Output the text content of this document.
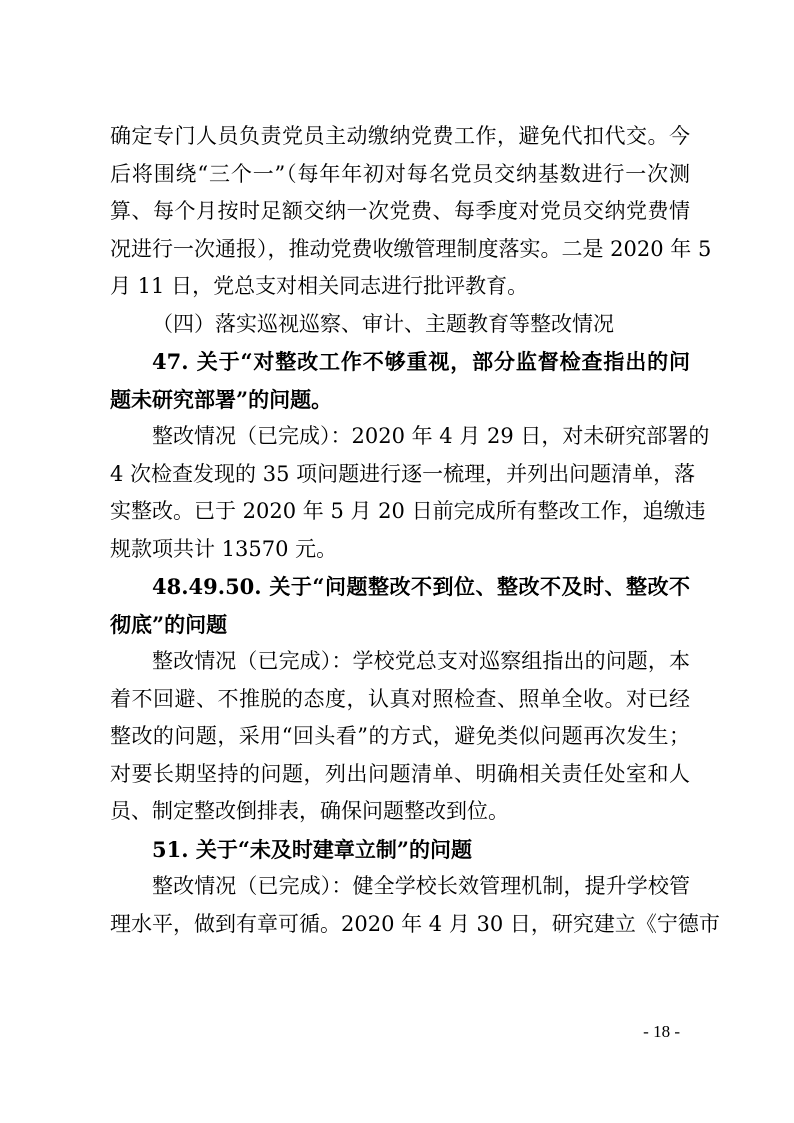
确定专门人员负责党员主动缴纳党费工作，避免代扣代交。今
后将围绕“三个一”（每年年初对每名党员交纳基数进行一次测
算、每个月按时足额交纳一次党费、每季度对党员交纳党费情
况进行一次通报），推动党费收缴管理制度落实。二是 2020 年 5
月 11 日，党总支对相关同志进行批评教育。
（四）落实巡视巡察、审计、主题教育等整改情况
47. 关于“对整改工作不够重视，部分监督检查指出的问
题未研究部署”的问题。
整改情况（已完成）：2020 年 4 月 29 日，对未研究部署的
4 次检查发现的 35 项问题进行逐一梳理，并列出问题清单，落
实整改。已于 2020 年 5 月 20 日前完成所有整改工作，追缴违
规款项共计 13570 元。
48.49.50. 关于“问题整改不到位、整改不及时、整改不
彻底”的问题
整改情况（已完成）：学校党总支对巡察组指出的问题，本
着不回避、不推脱的态度，认真对照检查、照单全收。对已经
整改的问题，采用“回头看”的方式，避免类似问题再次发生；
对要长期坚持的问题，列出问题清单、明确相关责任处室和人
员、制定整改倒排表，确保问题整改到位。
51. 关于“未及时建章立制”的问题
整改情况（已完成）：健全学校长效管理机制，提升学校管
理水平，做到有章可循。2020 年 4 月 30 日，研究建立《宁德市
- 18 -
